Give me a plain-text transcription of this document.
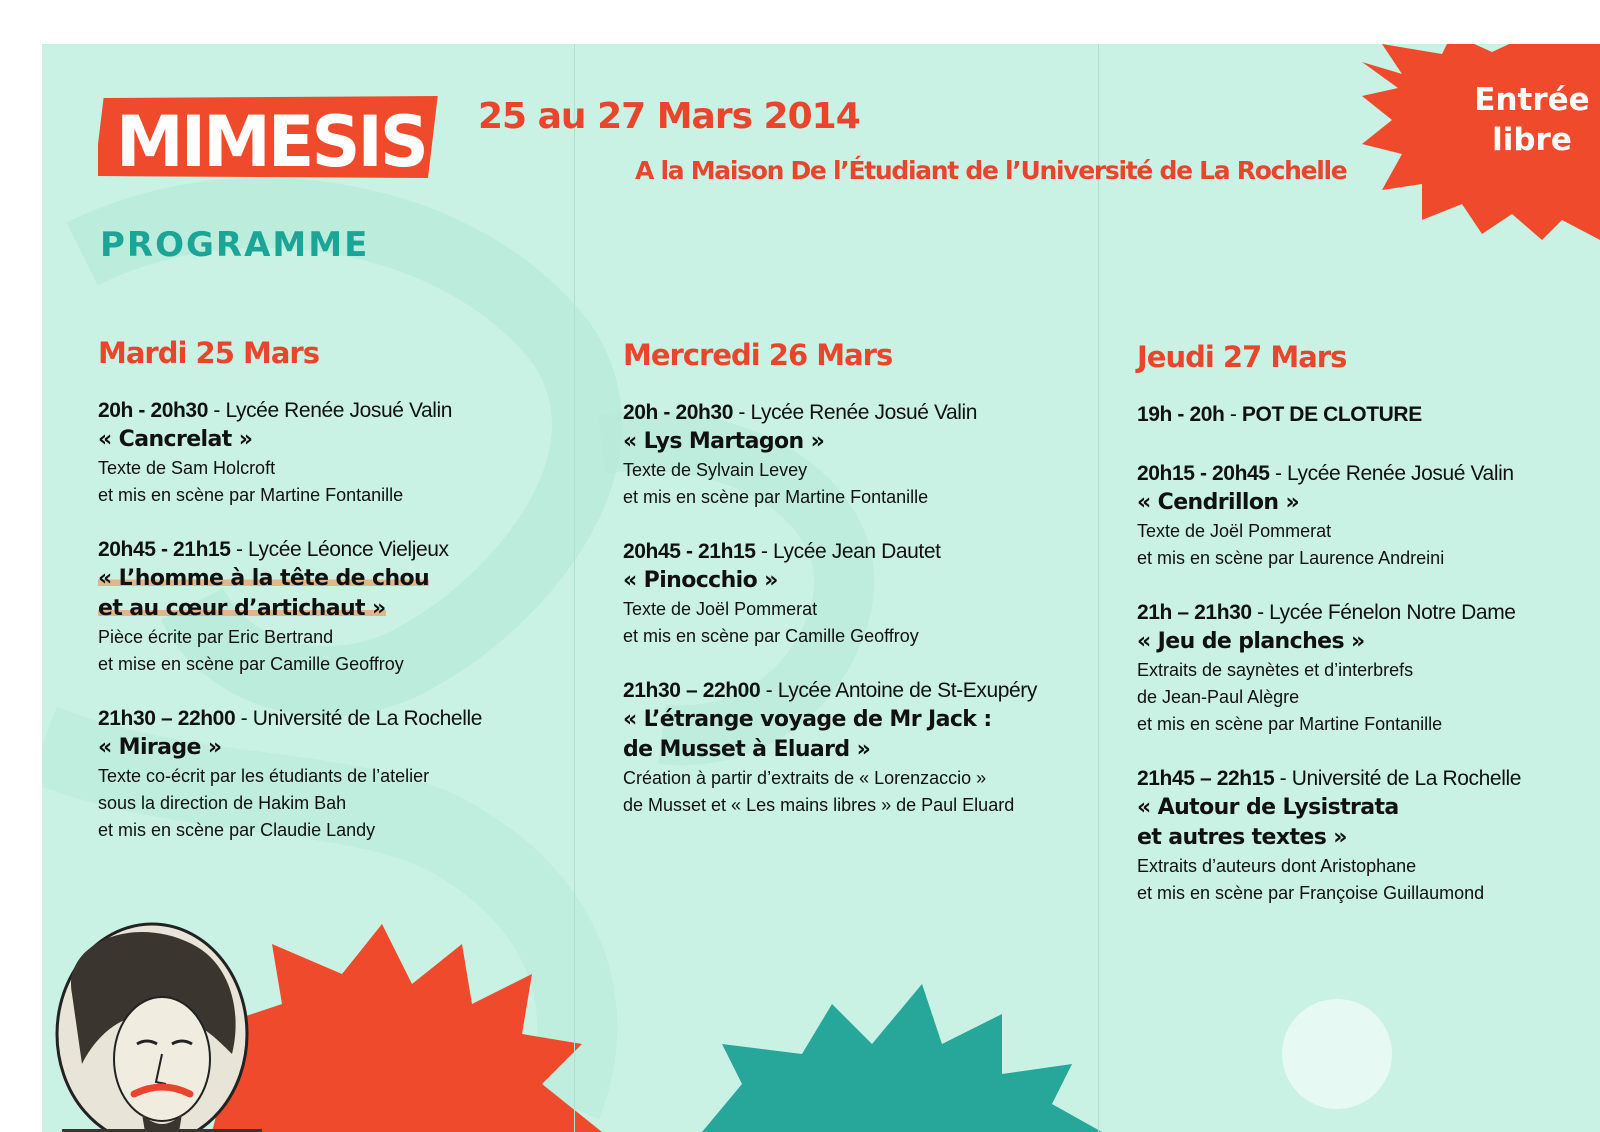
MIMESIS 25 au 27 Mars 2014
A la Maison De l’Étudiant de l’Université de La Rochelle
PROGRAMME
Entrée
libre
Mardi 25 Mars
20h - 20h30 - Lycée Renée Josué Valin
« Cancrelat »
Texte de Sam Holcroft
et mis en scène par Martine Fontanille
20h45 - 21h15 - Lycée Léonce Vieljeux
« L’homme à la tête de chou
et au cœur d’artichaut »
Pièce écrite par Eric Bertrand
et mise en scène par Camille Geoffroy
21h30 – 22h00 - Université de La Rochelle
« Mirage »
Texte co-écrit par les étudiants de l’atelier
sous la direction de Hakim Bah
et mis en scène par Claudie Landy
Mercredi 26 Mars
20h - 20h30 - Lycée Renée Josué Valin
« Lys Martagon »
Texte de Sylvain Levey
et mis en scène par Martine Fontanille
20h45 - 21h15 - Lycée Jean Dautet
« Pinocchio »
Texte de Joël Pommerat
et mis en scène par Camille Geoffroy
21h30 – 22h00 - Lycée Antoine de St-Exupéry
« L’étrange voyage de Mr Jack :
de Musset à Eluard »
Création à partir d’extraits de « Lorenzaccio »
de Musset et « Les mains libres » de Paul Eluard
Jeudi 27 Mars
19h - 20h - POT DE CLOTURE
20h15 - 20h45 - Lycée Renée Josué Valin
« Cendrillon »
Texte de Joël Pommerat
et mis en scène par Laurence Andreini
21h – 21h30 - Lycée Fénelon Notre Dame
« Jeu de planches »
Extraits de saynètes et d’interbrefs
de Jean-Paul Alègre
et mis en scène par Martine Fontanille
21h45 – 22h15 - Université de La Rochelle
« Autour de Lysistrata
et autres textes »
Extraits d’auteurs dont Aristophane
et mis en scène par Françoise Guillaumond
